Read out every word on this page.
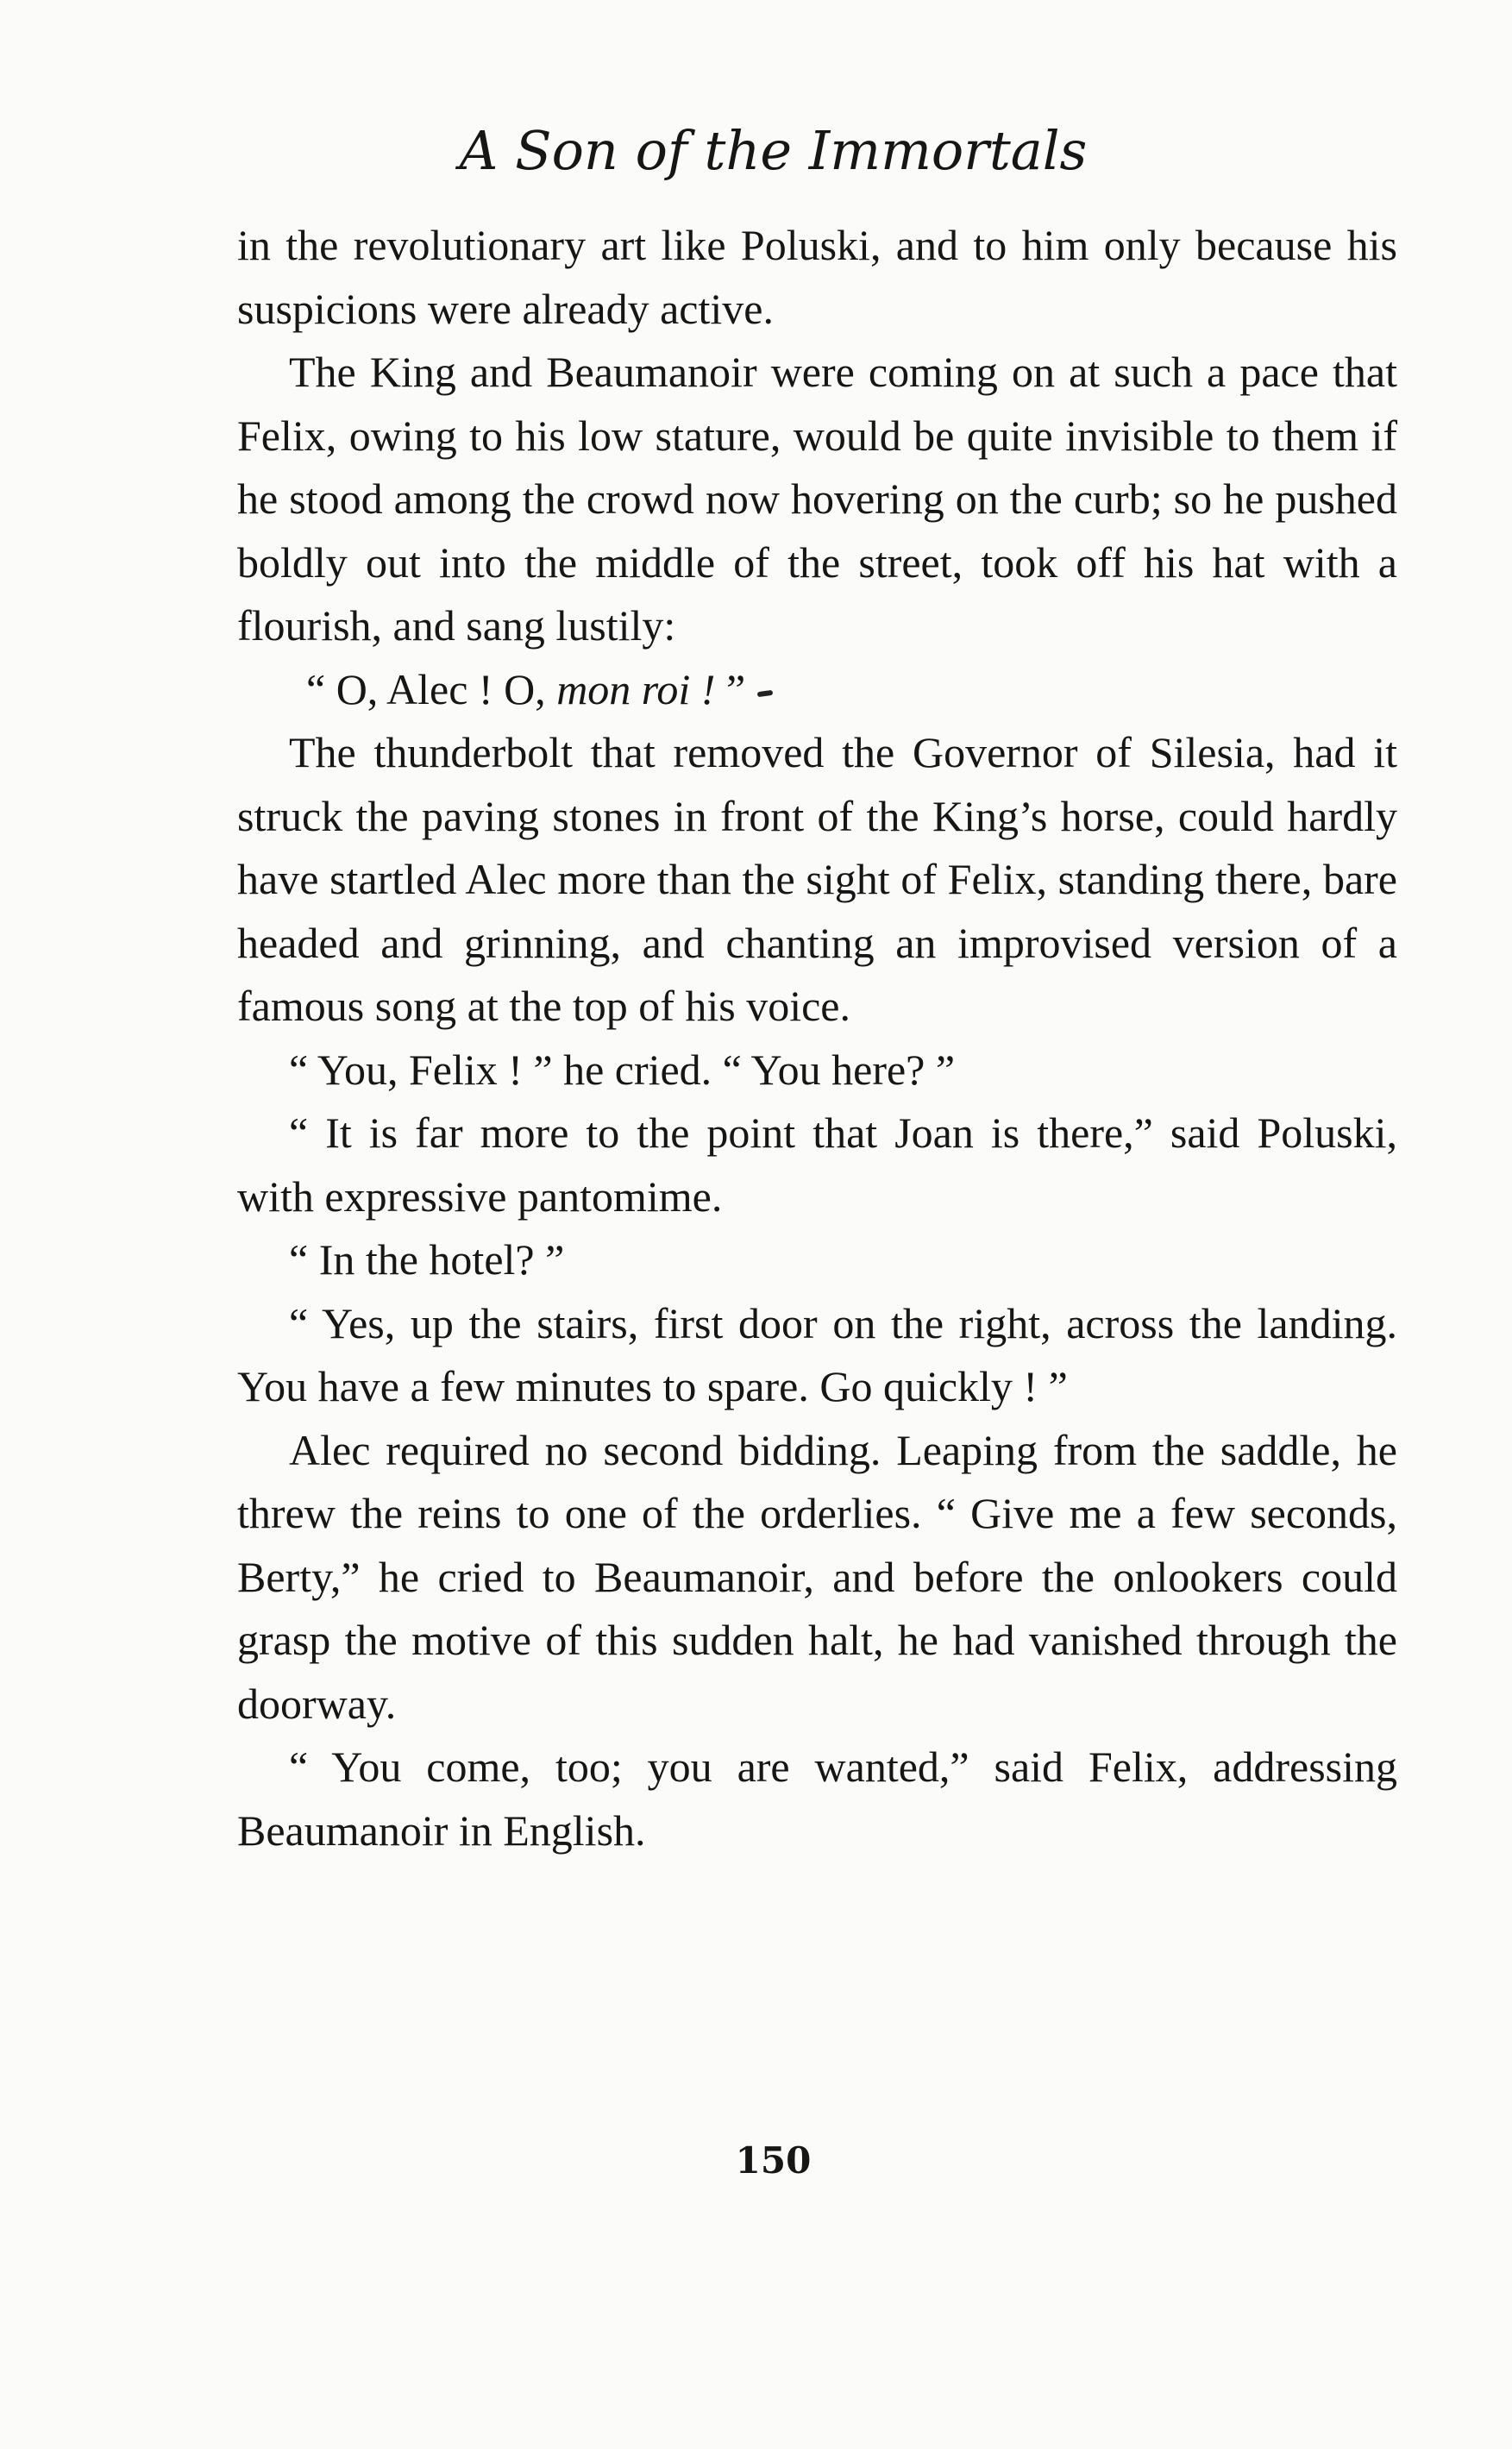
A Son of the Immortals

in the revolutionary art like Poluski, and to him only because his suspicions were already active.

The King and Beaumanoir were coming on at such a pace that Felix, owing to his low stature, would be quite invisible to them if he stood among the crowd now hovering on the curb; so he pushed boldly out into the middle of the street, took off his hat with a flourish, and sang lustily:

“ O, Alec ! O, mon roi ! ”

The thunderbolt that removed the Governor of Silesia, had it struck the paving stones in front of the King’s horse, could hardly have startled Alec more than the sight of Felix, standing there, bare headed and grinning, and chanting an improvised version of a famous song at the top of his voice.

“ You, Felix ! ” he cried. “ You here? ”

“ It is far more to the point that Joan is there,” said Poluski, with expressive pantomime.

“ In the hotel? ”

“ Yes, up the stairs, first door on the right, across the landing. You have a few minutes to spare. Go quickly ! ”

Alec required no second bidding. Leaping from the saddle, he threw the reins to one of the orderlies. “ Give me a few seconds, Berty,” he cried to Beaumanoir, and before the onlookers could grasp the motive of this sudden halt, he had vanished through the doorway.

“ You come, too; you are wanted,” said Felix, addressing Beaumanoir in English.

150
